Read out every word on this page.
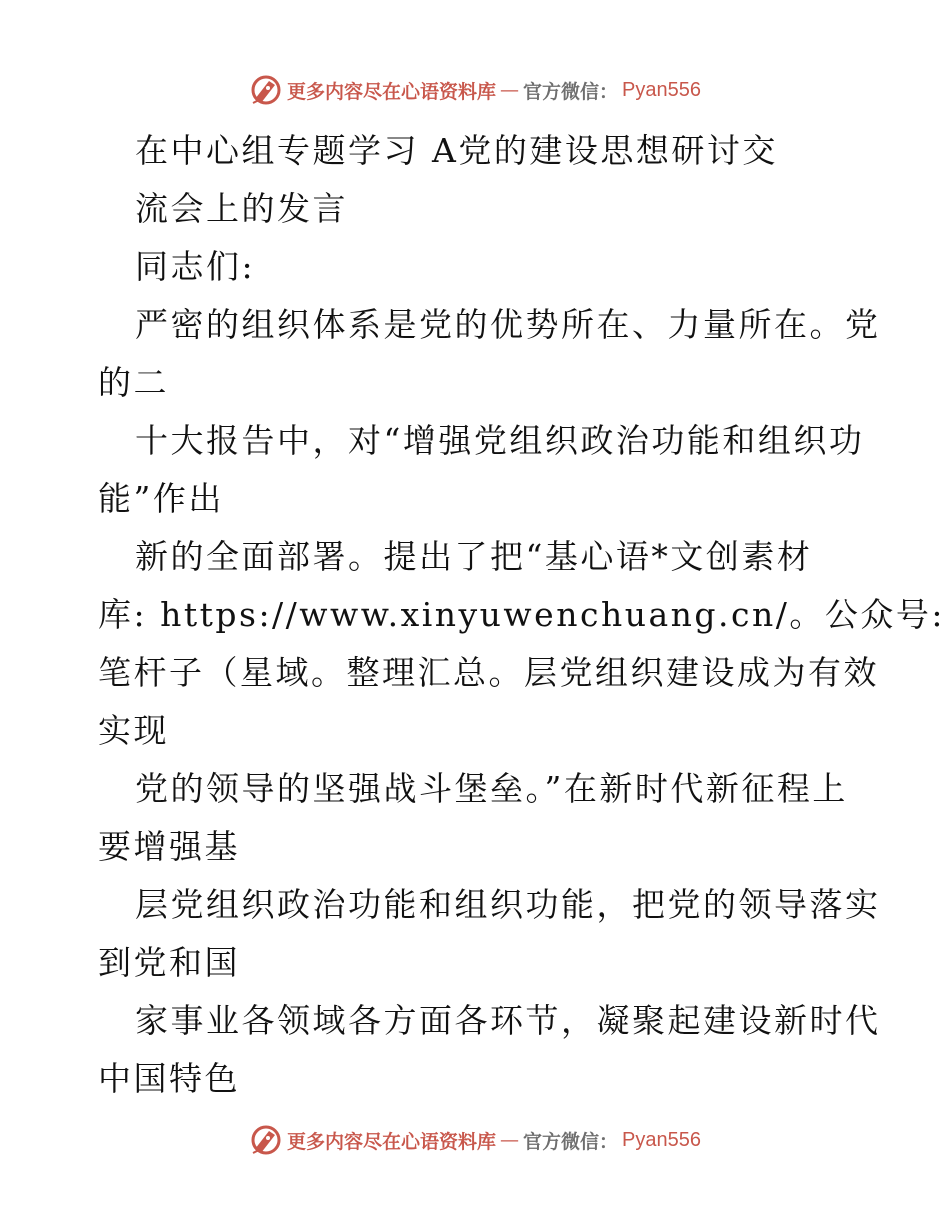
更多内容尽在心语资料库 — 官方微信： Pyan556
在中心组专题学习 A党的建设思想研讨交
流会上的发言
同志们:
严密的组织体系是党的优势所在、力量所在。党
的二
十大报告中，对“增强党组织政治功能和组织功
能”作出
新的全面部署。提出了把“基心语*文创素材
库: https://www.xinyuwenchuang.cn/。公众号:
笔杆子（星域。整理汇总。层党组织建设成为有效
实现
党的领导的坚强战斗堡垒。”在新时代新征程上
要增强基
层党组织政治功能和组织功能，把党的领导落实
到党和国
家事业各领域各方面各环节，凝聚起建设新时代
中国特色
更多内容尽在心语资料库 — 官方微信： Pyan556
